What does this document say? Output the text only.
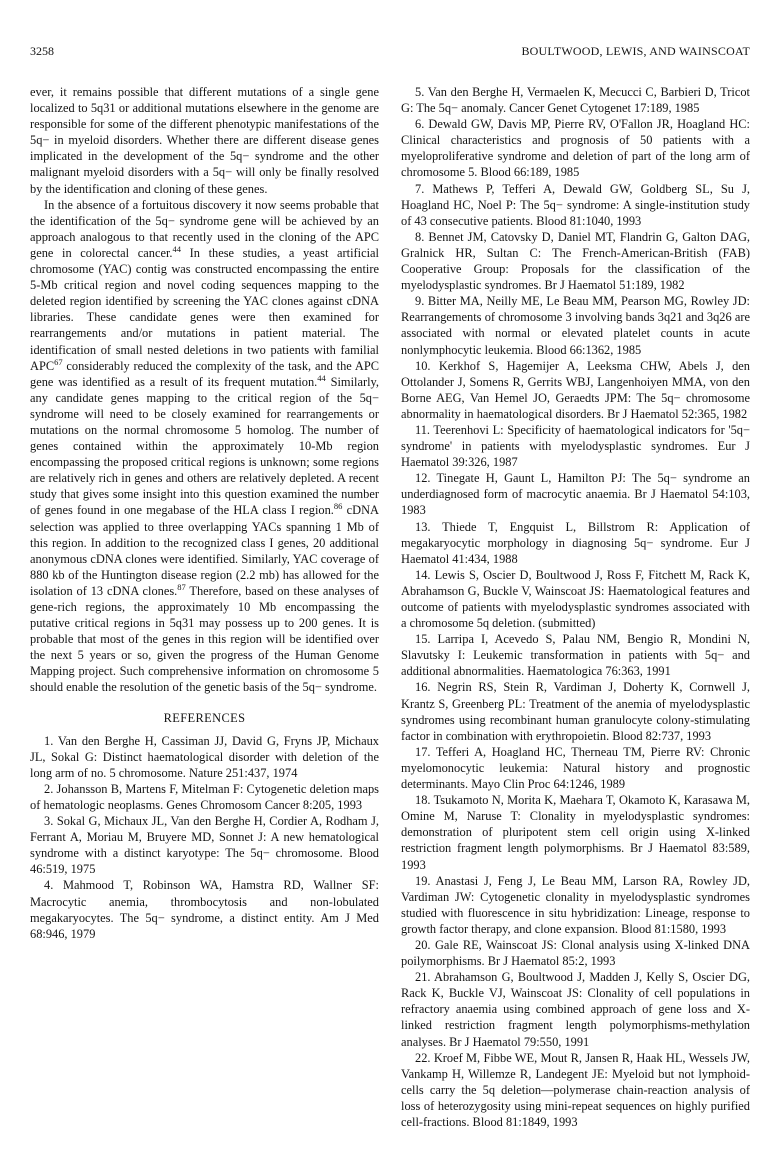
3258	BOULTWOOD, LEWIS, AND WAINSCOAT

ever, it remains possible that different mutations of a single gene localized to 5q31 or additional mutations elsewhere in the genome are responsible for some of the different phenotypic manifestations of the 5q− in myeloid disorders. Whether there are different disease genes implicated in the development of the 5q− syndrome and the other malignant myeloid disorders with a 5q− will only be finally resolved by the identification and cloning of these genes.

In the absence of a fortuitous discovery it now seems probable that the identification of the 5q− syndrome gene will be achieved by an approach analogous to that recently used in the cloning of the APC gene in colorectal cancer.$^{44}$ In these studies, a yeast artificial chromosome (YAC) contig was constructed encompassing the entire 5-Mb critical region and novel coding sequences mapping to the deleted region identified by screening the YAC clones against cDNA libraries. These candidate genes were then examined for rearrangements and/or mutations in patient material. The identification of small nested deletions in two patients with familial APC$^{67}$ considerably reduced the complexity of the task, and the APC gene was identified as a result of its frequent mutation.$^{44}$ Similarly, any candidate genes mapping to the critical region of the 5q− syndrome will need to be closely examined for rearrangements or mutations on the normal chromosome 5 homolog. The number of genes contained within the approximately 10-Mb region encompassing the proposed critical regions is unknown; some regions are relatively rich in genes and others are relatively depleted. A recent study that gives some insight into this question examined the number of genes found in one megabase of the HLA class I region.$^{86}$ cDNA selection was applied to three overlapping YACs spanning 1 Mb of this region. In addition to the recognized class I genes, 20 additional anonymous cDNA clones were identified. Similarly, YAC coverage of 880 kb of the Huntington disease region (2.2 mb) has allowed for the isolation of 13 cDNA clones.$^{87}$ Therefore, based on these analyses of gene-rich regions, the approximately 10 Mb encompassing the putative critical regions in 5q31 may possess up to 200 genes. It is probable that most of the genes in this region will be identified over the next 5 years or so, given the progress of the Human Genome Mapping project. Such comprehensive information on chromosome 5 should enable the resolution of the genetic basis of the 5q− syndrome.

REFERENCES

1. Van den Berghe H, Cassiman JJ, David G, Fryns JP, Michaux JL, Sokal G: Distinct haematological disorder with deletion of the long arm of no. 5 chromosome. Nature 251:437, 1974

2. Johansson B, Martens F, Mitelman F: Cytogenetic deletion maps of hematologic neoplasms. Genes Chromosom Cancer 8:205, 1993

3. Sokal G, Michaux JL, Van den Berghe H, Cordier A, Rodham J, Ferrant A, Moriau M, Bruyere MD, Sonnet J: A new hematological syndrome with a distinct karyotype: The 5q− chromosome. Blood 46:519, 1975

4. Mahmood T, Robinson WA, Hamstra RD, Wallner SF: Macrocytic anemia, thrombocytosis and non-lobulated megakaryocytes. The 5q− syndrome, a distinct entity. Am J Med 68:946, 1979

5. Van den Berghe H, Vermaelen K, Mecucci C, Barbieri D, Tricot G: The 5q− anomaly. Cancer Genet Cytogenet 17:189, 1985

6. Dewald GW, Davis MP, Pierre RV, O'Fallon JR, Hoagland HC: Clinical characteristics and prognosis of 50 patients with a myeloproliferative syndrome and deletion of part of the long arm of chromosome 5. Blood 66:189, 1985

7. Mathews P, Tefferi A, Dewald GW, Goldberg SL, Su J, Hoagland HC, Noel P: The 5q− syndrome: A single-institution study of 43 consecutive patients. Blood 81:1040, 1993

8. Bennet JM, Catovsky D, Daniel MT, Flandrin G, Galton DAG, Gralnick HR, Sultan C: The French-American-British (FAB) Cooperative Group: Proposals for the classification of the myelodysplastic syndromes. Br J Haematol 51:189, 1982

9. Bitter MA, Neilly ME, Le Beau MM, Pearson MG, Rowley JD: Rearrangements of chromosome 3 involving bands 3q21 and 3q26 are associated with normal or elevated platelet counts in acute nonlymphocytic leukemia. Blood 66:1362, 1985

10. Kerkhof S, Hagemijer A, Leeksma CHW, Abels J, den Ottolander J, Somens R, Gerrits WBJ, Langenhoiyen MMA, von den Borne AEG, Van Hemel JO, Geraedts JPM: The 5q− chromosome abnormality in haematological disorders. Br J Haematol 52:365, 1982

11. Teerenhovi L: Specificity of haematological indicators for '5q− syndrome' in patients with myelodysplastic syndromes. Eur J Haematol 39:326, 1987

12. Tinegate H, Gaunt L, Hamilton PJ: The 5q− syndrome an underdiagnosed form of macrocytic anaemia. Br J Haematol 54:103, 1983

13. Thiede T, Engquist L, Billstrom R: Application of megakaryocytic morphology in diagnosing 5q− syndrome. Eur J Haematol 41:434, 1988

14. Lewis S, Oscier D, Boultwood J, Ross F, Fitchett M, Rack K, Abrahamson G, Buckle V, Wainscoat JS: Haematological features and outcome of patients with myelodysplastic syndromes associated with a chromosome 5q deletion. (submitted)

15. Larripa I, Acevedo S, Palau NM, Bengio R, Mondini N, Slavutsky I: Leukemic transformation in patients with 5q− and additional abnormalities. Haematologica 76:363, 1991

16. Negrin RS, Stein R, Vardiman J, Doherty K, Cornwell J, Krantz S, Greenberg PL: Treatment of the anemia of myelodysplastic syndromes using recombinant human granulocyte colony-stimulating factor in combination with erythropoietin. Blood 82:737, 1993

17. Tefferi A, Hoagland HC, Therneau TM, Pierre RV: Chronic myelomonocytic leukemia: Natural history and prognostic determinants. Mayo Clin Proc 64:1246, 1989

18. Tsukamoto N, Morita K, Maehara T, Okamoto K, Karasawa M, Omine M, Naruse T: Clonality in myelodysplastic syndromes: demonstration of pluripotent stem cell origin using X-linked restriction fragment length polymorphisms. Br J Haematol 83:589, 1993

19. Anastasi J, Feng J, Le Beau MM, Larson RA, Rowley JD, Vardiman JW: Cytogenetic clonality in myelodysplastic syndromes studied with fluorescence in situ hybridization: Lineage, response to growth factor therapy, and clone expansion. Blood 81:1580, 1993

20. Gale RE, Wainscoat JS: Clonal analysis using X-linked DNA poilymorphisms. Br J Haematol 85:2, 1993

21. Abrahamson G, Boultwood J, Madden J, Kelly S, Oscier DG, Rack K, Buckle VJ, Wainscoat JS: Clonality of cell populations in refractory anaemia using combined approach of gene loss and X-linked restriction fragment length polymorphisms-methylation analyses. Br J Haematol 79:550, 1991

22. Kroef M, Fibbe WE, Mout R, Jansen R, Haak HL, Wessels JW, Vankamp H, Willemze R, Landegent JE: Myeloid but not lymphoid-cells carry the 5q deletion—polymerase chain-reaction analysis of loss of heterozygosity using mini-repeat sequences on highly purified cell-fractions. Blood 81:1849, 1993
